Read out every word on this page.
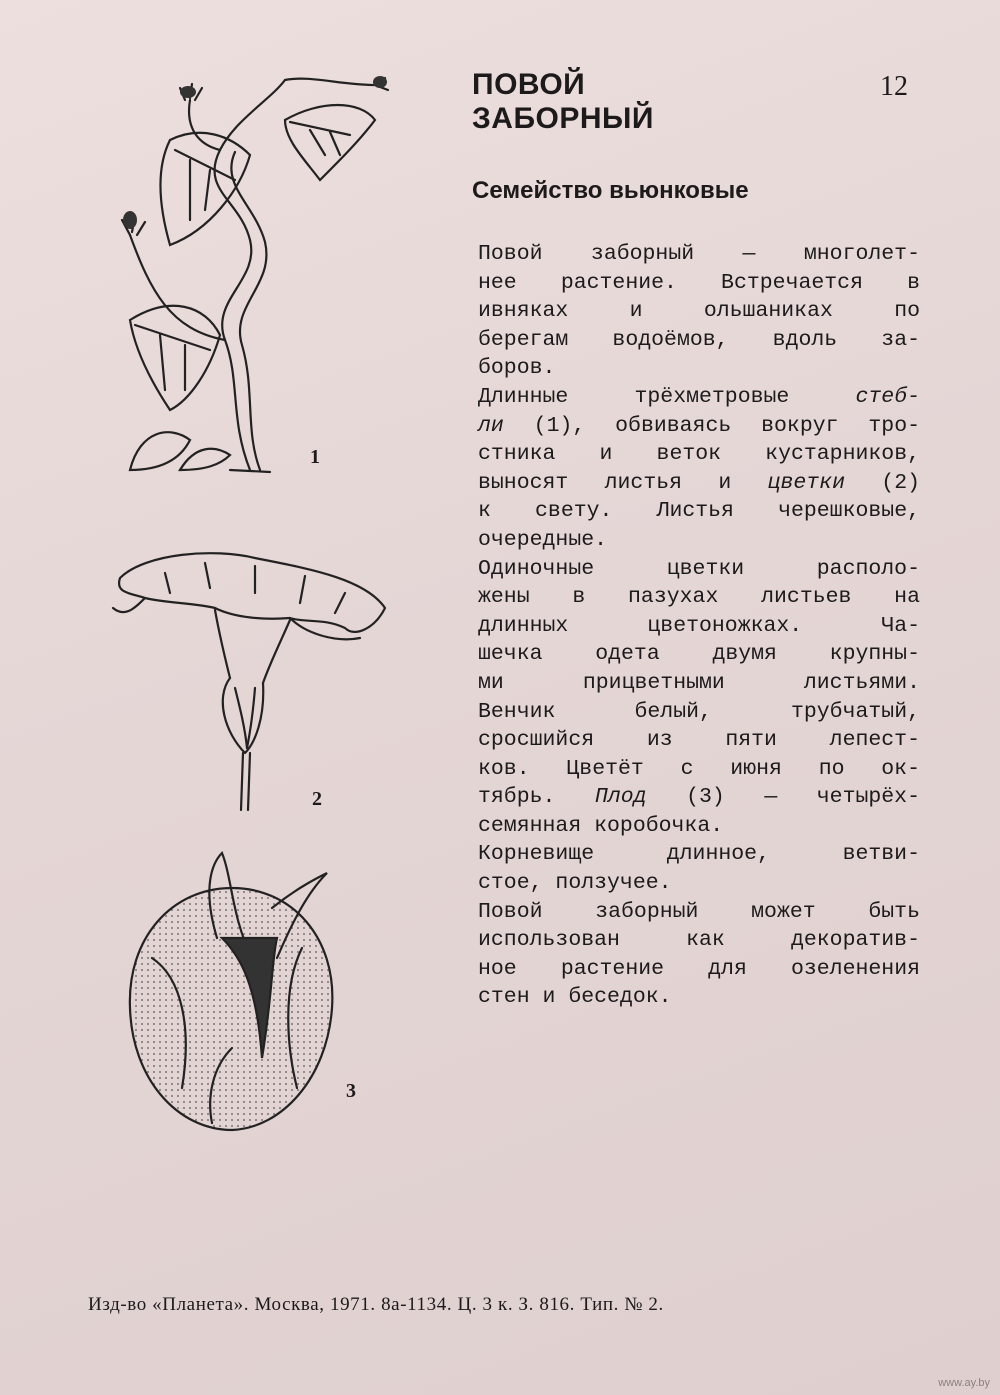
1
2
3
ПОВОЙ
ЗАБОРНЫЙ
12
Семейство вьюнковые
Повой заборный — многолет-
нее растение. Встречается в
ивняках и ольшаниках по
берегам водоёмов, вдоль за-
боров.
Длинные трёхметровые стеб-
ли (1), обвиваясь вокруг тро-
стника и веток кустарников,
выносят листья и цветки (2)
к свету. Листья черешковые,
очередные.
Одиночные цветки располо-
жены в пазухах листьев на
длинных цветоножках. Ча-
шечка одета двумя крупны-
ми прицветными листьями.
Венчик белый, трубчатый,
сросшийся из пяти лепест-
ков. Цветёт с июня по ок-
тябрь. Плод (3) — четырёх-
семянная коробочка.
Корневище длинное, ветви-
стое, ползучее.
Повой заборный может быть
использован как декоратив-
ное растение для озеленения
стен и беседок.
Изд-во «Планета». Москва, 1971. 8а-1134. Ц. 3 к. З. 816. Тип. № 2.
www.ay.by
